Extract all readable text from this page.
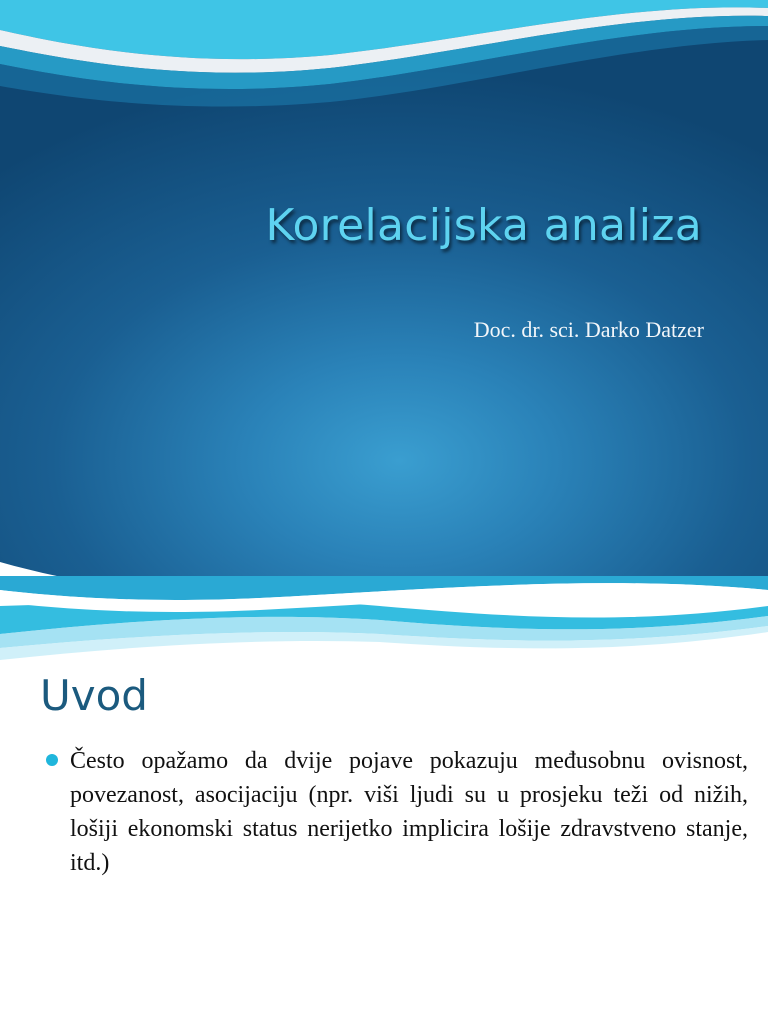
Korelacijska analiza

Doc. dr. sci. Darko Datzer

Uvod
Često opažamo da dvije pojave pokazuju međusobnu ovisnost, povezanost, asocijaciju (npr. viši ljudi su u prosjeku teži od nižih, lošiji ekonomski status nerijetko implicira lošije zdravstveno stanje, itd.)
